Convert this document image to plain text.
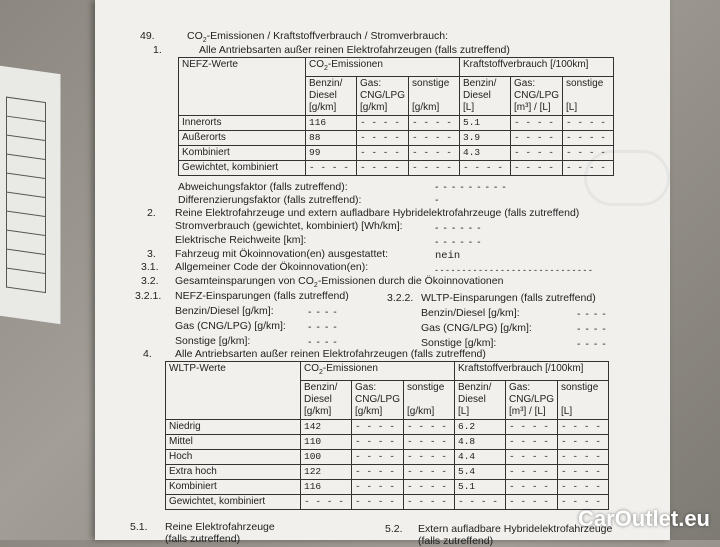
49.	$CO_2$-Emissionen / Kraftstoffverbrauch / Stromverbrauch:
1.	Alle Antriebsarten außer reinen Elektrofahrzeugen (falls zutreffend)
NEFZ-Werte	$CO_2$-Emissionen			Kraftstoffverbrauch [/100km]		
	Benzin/
Diesel
[g/km]	Gas:
CNG/LPG
[g/km]	sonstige

[g/km]	Benzin/
Diesel
[L]	Gas:
CNG/LPG
[m³] / [L]	sonstige

[L]
Innerorts	116	- - - -	- - - -	5.1	- - - -	- - - -
Außerorts	88	- - - -	- - - -	3.9	- - - -	- - - -
Kombiniert	99	- - - -	- - - -	4.3	- - - -	- - - -
Gewichtet, kombiniert	- - - -	- - - -	- - - -	- - - -	- - - -	- - - -
Abweichungsfaktor (falls zutreffend):	- - - - - - - - -
Differenzierungsfaktor (falls zutreffend):	-
2. Reine Elektrofahrzeuge und extern aufladbare Hybridelektrofahrzeuge (falls zutreffend)
Stromverbrauch (gewichtet, kombiniert) [Wh/km]:	- - - - - -
Elektrische Reichweite [km]:	- - - - - -
3. Fahrzeug mit Ökoinnovation(en) ausgestattet:	nein
3.1. Allgemeiner Code der Ökoinnovation(en):	- - - - - - - - - - - - - - - - - - - - - - - - - - - - -
3.2. Gesamteinsparungen von $CO_2$-Emissionen durch die Ökoinnovationen
3.2.1. NEFZ-Einsparungen (falls zutreffend)	3.2.2. WLTP-Einsparungen (falls zutreffend)
Benzin/Diesel [g/km]:	- - - -
Gas (CNG/LPG) [g/km]: - - - -
Sonstige [g/km]:	- - - -
Benzin/Diesel [g/km]:	- - - -
Gas (CNG/LPG) [g/km]:	- - - -
Sonstige [g/km]:	- - - -
4. Alle Antriebsarten außer reinen Elektrofahrzeugen (falls zutreffend)
WLTP-Werte	$CO_2$-Emissionen			Kraftstoffverbrauch [/100km]		
	Benzin/
Diesel
[g/km]	Gas:
CNG/LPG
[g/km]	sonstige

[g/km]	Benzin/
Diesel
[L]	Gas:
CNG/LPG
[m³] / [L]	sonstige

[L]
Niedrig	142	- - - -	- - - -	6.2	- - - -	- - - -
Mittel	110	- - - -	- - - -	4.8	- - - -	- - - -
Hoch	100	- - - -	- - - -	4.4	- - - -	- - - -
Extra hoch	122	- - - -	- - - -	5.4	- - - -	- - - -
Kombiniert	116	- - - -	- - - -	5.1	- - - -	- - - -
Gewichtet, kombiniert	- - - -	- - - -	- - - -	- - - -	- - - -	- - - -
5.1. Reine Elektrofahrzeuge
(falls zutreffend)
5.2. Extern aufladbare Hybridelektrofahrzeuge
(falls zutreffend)
CarOutlet.eu
